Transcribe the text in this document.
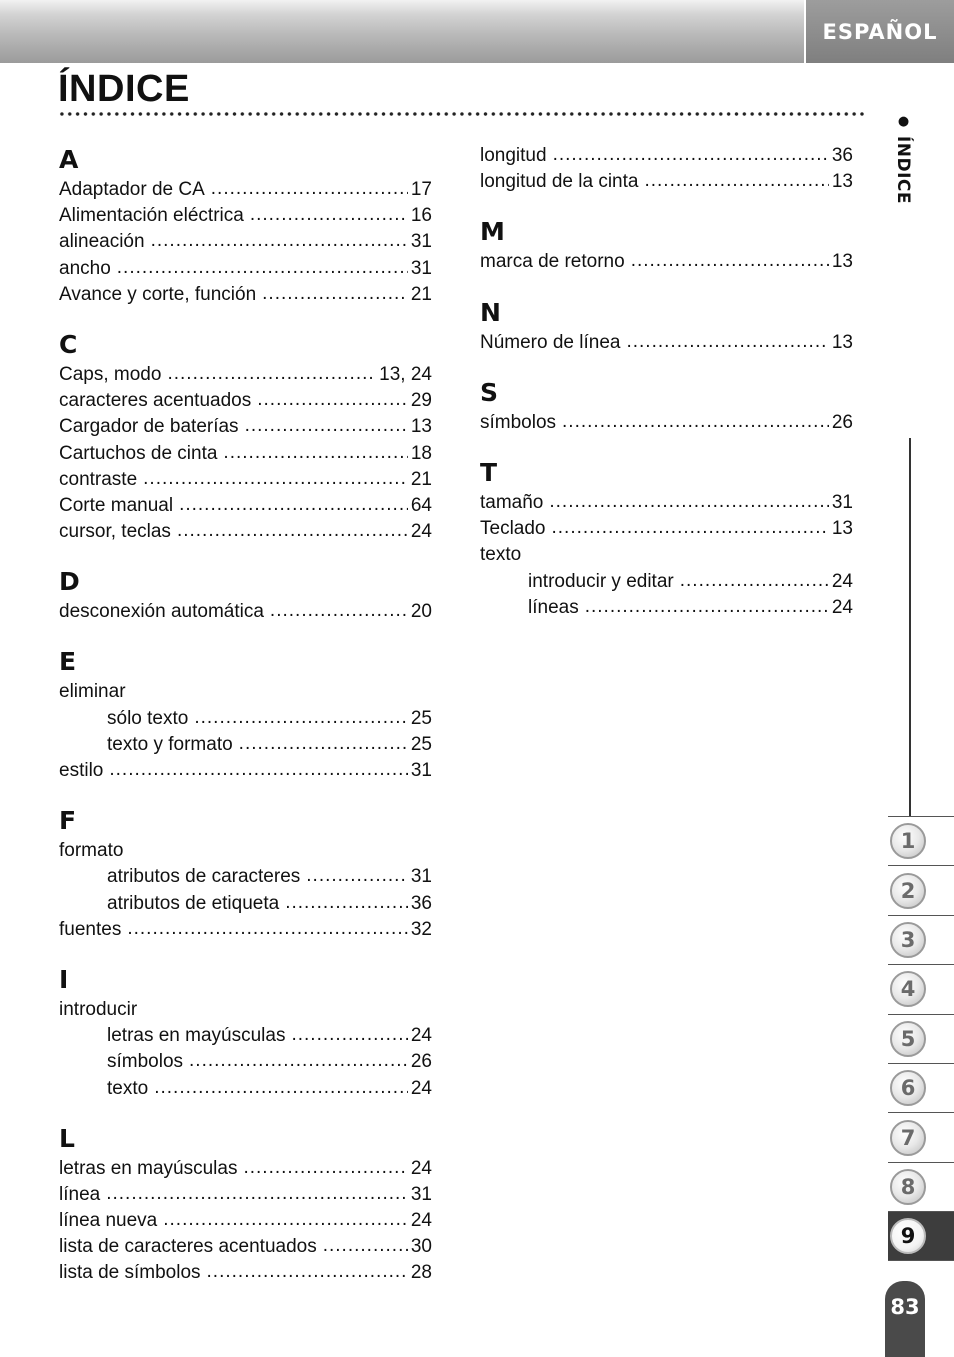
ESPAÑOL
ÍNDICE
A
Adaptador de CA .....	17
Alimentación eléctrica .....	16
alineación .....	31
ancho .....	31
Avance y corte, función .....	21
C
Caps, modo .....	13, 24
caracteres acentuados .....	29
Cargador de baterías .....	13
Cartuchos de cinta .....	18
contraste .....	21
Corte manual .....	64
cursor, teclas .....	24
D
desconexión automática .....	20
E
eliminar
sólo texto .....	25
texto y formato .....	25
estilo .....	31
F
formato
atributos de caracteres .....	31
atributos de etiqueta .....	36
fuentes .....	32
I
introducir
letras en mayúsculas .....	24
símbolos .....	26
texto .....	24
L
letras en mayúsculas .....	24
línea .....	31
línea nueva .....	24
lista de caracteres acentuados .....	30
lista de símbolos .....	28
longitud .....	36
longitud de la cinta .....	13
M
marca de retorno .....	13
N
Número de línea .....	13
S
símbolos .....	26
T
tamaño .....	31
Teclado .....	13
texto
introducir y editar .....	24
líneas .....	24
● ÍNDICE
1
2
3
4
5
6
7
8
9
83
